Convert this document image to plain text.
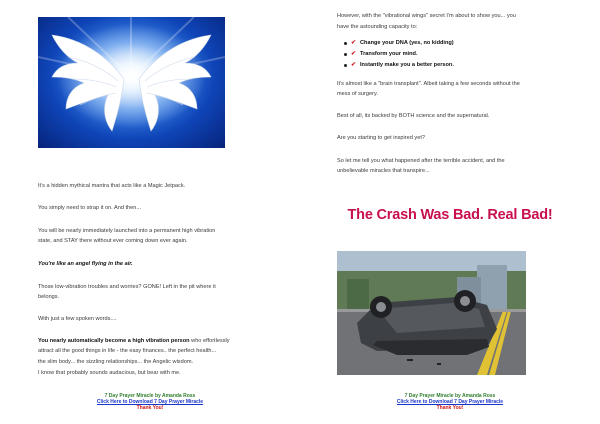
It's a hidden mythical mantra that acts like a Magic Jetpack.

You simply need to strap it on. And then...

You will be nearly immediately launched into a permanent high vibration

state, and STAY there without ever coming down ever again.

You're like an angel flying in the air.

Those low-vibration troubles and worries? GONE! Left in the pit where it

belongs.

With just a few spoken words....

You nearly automatically become a high vibration person who effortlessly

attract all the good things in life - the easy finances.. the perfect health...

the slim body... the sizzling relationships... the Angelic wisdom.

I know that probably sounds audacious, but bear with me.

However, with the "vibrational wings" secret I'm about to show you... you

have the astounding capacity to:

✔ Change your DNA (yes, no kidding)
✔ Transform your mind.
✔ Instantly make you a better person.

It's almost like a "brain transplant". Albeit taking a few seconds without the

mess of surgery.

Best of all, its backed by BOTH science and the supernatural.

Are you starting to get inspired yet?

So let me tell you what happened after the terrible accident, and the

unbelievable miracles that transpire...

The Crash Was Bad. Real Bad!
7 Day Prayer Miracle by Amanda Ross
Click Here to Download 7 Day Prayer Miracle
Thank You!
7 Day Prayer Miracle by Amanda Ross
Click Here to Download 7 Day Prayer Miracle
Thank You!
